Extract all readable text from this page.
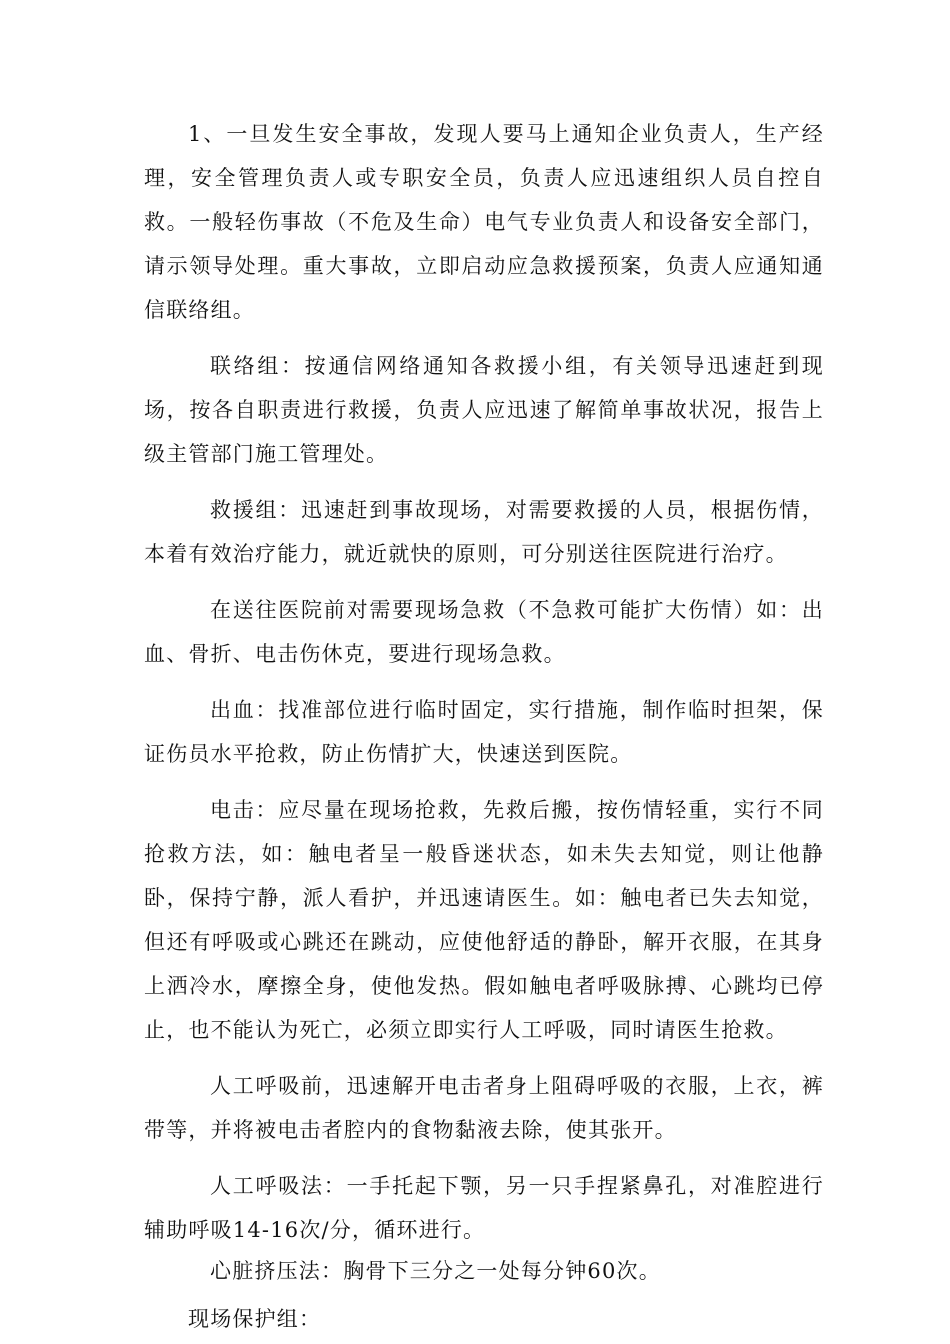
1、一旦发生安全事故，发现人要马上通知企业负责人，生产经理，安全管理负责人或专职安全员，负责人应迅速组织人员自控自救。一般轻伤事故（不危及生命）电气专业负责人和设备安全部门，请示领导处理。重大事故，立即启动应急救援预案，负责人应通知通信联络组。

联络组：按通信网络通知各救援小组，有关领导迅速赶到现场，按各自职责进行救援，负责人应迅速了解简单事故状况，报告上级主管部门施工管理处。

救援组：迅速赶到事故现场，对需要救援的人员，根据伤情，本着有效治疗能力，就近就快的原则，可分别送往医院进行治疗。

在送往医院前对需要现场急救（不急救可能扩大伤情）如：出血、骨折、电击伤休克，要进行现场急救。

出血：找准部位进行临时固定，实行措施，制作临时担架，保证伤员水平抢救，防止伤情扩大，快速送到医院。

电击：应尽量在现场抢救，先救后搬，按伤情轻重，实行不同抢救方法，如：触电者呈一般昏迷状态，如未失去知觉，则让他静卧，保持宁静，派人看护，并迅速请医生。如：触电者已失去知觉，但还有呼吸或心跳还在跳动，应使他舒适的静卧，解开衣服，在其身上洒冷水，摩擦全身，使他发热。假如触电者呼吸脉搏、心跳均已停止，也不能认为死亡，必须立即实行人工呼吸，同时请医生抢救。

人工呼吸前，迅速解开电击者身上阻碍呼吸的衣服，上衣，裤带等，并将被电击者腔内的食物黏液去除，使其张开。

人工呼吸法：一手托起下颚，另一只手捏紧鼻孔，对准腔进行辅助呼吸14-16次/分，循环进行。

心脏挤压法：胸骨下三分之一处每分钟60次。

现场保护组：
